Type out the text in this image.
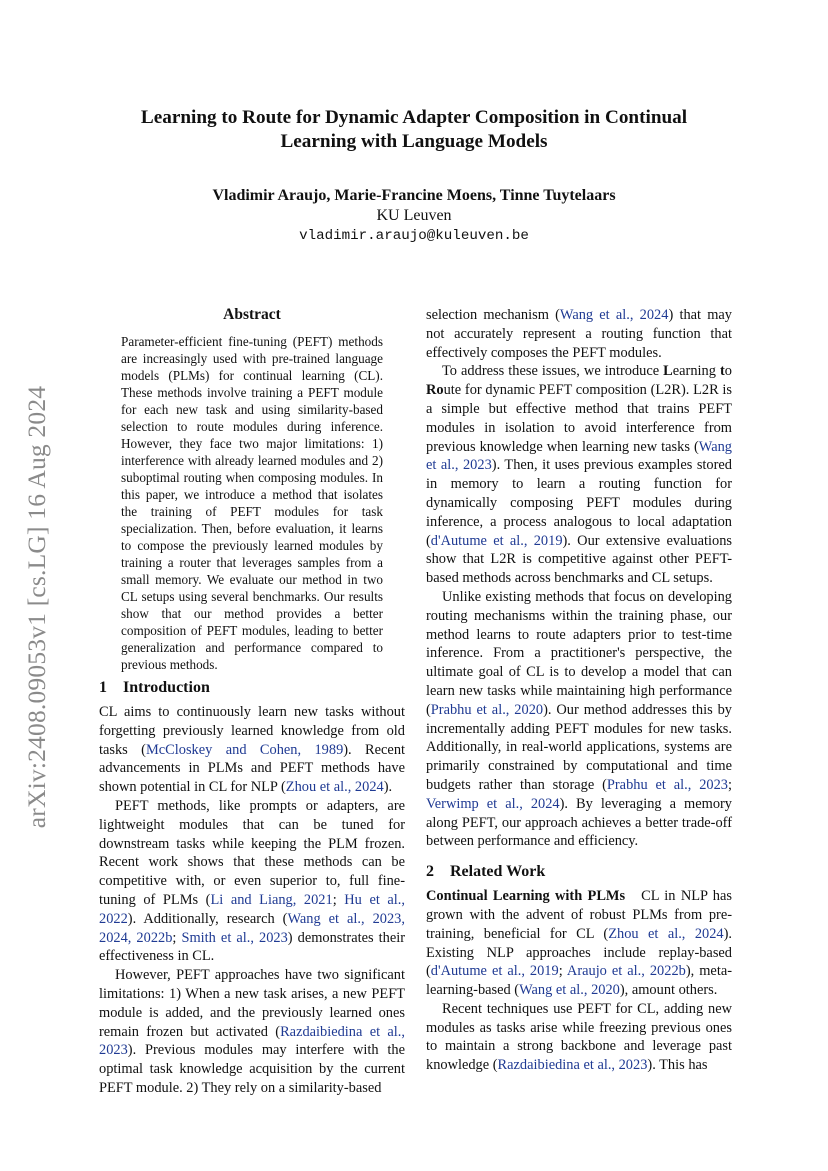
arXiv:2408.09053v1 [cs.LG] 16 Aug 2024
Learning to Route for Dynamic Adapter Composition in Continual
Learning with Language Models
Vladimir Araujo, Marie-Francine Moens, Tinne Tuytelaars
KU Leuven
vladimir.araujo@kuleuven.be
Abstract
Parameter-efficient fine-tuning (PEFT) methods are increasingly used with pre-trained language models (PLMs) for continual learning (CL). These methods involve training a PEFT module for each new task and using similarity-based selection to route modules during inference. However, they face two major limitations: 1) interference with already learned modules and 2) suboptimal routing when composing modules. In this paper, we introduce a method that isolates the training of PEFT modules for task specialization. Then, before evaluation, it learns to compose the previously learned modules by training a router that leverages samples from a small memory. We evaluate our method in two CL setups using several benchmarks. Our results show that our method provides a better composition of PEFT modules, leading to better generalization and performance compared to previous methods.

1 Introduction

CL aims to continuously learn new tasks without forgetting previously learned knowledge from old tasks (McCloskey and Cohen, 1989). Recent advancements in PLMs and PEFT methods have shown potential in CL for NLP (Zhou et al., 2024).

PEFT methods, like prompts or adapters, are lightweight modules that can be tuned for downstream tasks while keeping the PLM frozen. Recent work shows that these methods can be competitive with, or even superior to, full fine-tuning of PLMs (Li and Liang, 2021; Hu et al., 2022). Additionally, research (Wang et al., 2023, 2024, 2022b; Smith et al., 2023) demonstrates their effectiveness in CL.

However, PEFT approaches have two significant limitations: 1) When a new task arises, a new PEFT module is added, and the previously learned ones remain frozen but activated (Razdaibiedina et al., 2023). Previous modules may interfere with the optimal task knowledge acquisition by the current PEFT module. 2) They rely on a similarity-based

selection mechanism (Wang et al., 2024) that may not accurately represent a routing function that effectively composes the PEFT modules.

To address these issues, we introduce Learning to Route for dynamic PEFT composition (L2R). L2R is a simple but effective method that trains PEFT modules in isolation to avoid interference from previous knowledge when learning new tasks (Wang et al., 2023). Then, it uses previous examples stored in memory to learn a routing function for dynamically composing PEFT modules during inference, a process analogous to local adaptation (d'Autume et al., 2019). Our extensive evaluations show that L2R is competitive against other PEFT-based methods across benchmarks and CL setups.

Unlike existing methods that focus on developing routing mechanisms within the training phase, our method learns to route adapters prior to test-time inference. From a practitioner's perspective, the ultimate goal of CL is to develop a model that can learn new tasks while maintaining high performance (Prabhu et al., 2020). Our method addresses this by incrementally adding PEFT modules for new tasks. Additionally, in real-world applications, systems are primarily constrained by computational and time budgets rather than storage (Prabhu et al., 2023; Verwimp et al., 2024). By leveraging a memory along PEFT, our approach achieves a better trade-off between performance and efficiency.

2 Related Work

Continual Learning with PLMs CL in NLP has grown with the advent of robust PLMs from pre-training, beneficial for CL (Zhou et al., 2024). Existing NLP approaches include replay-based (d'Autume et al., 2019; Araujo et al., 2022b), meta-learning-based (Wang et al., 2020), amount others.

Recent techniques use PEFT for CL, adding new modules as tasks arise while freezing previous ones to maintain a strong backbone and leverage past knowledge (Razdaibiedina et al., 2023). This has
